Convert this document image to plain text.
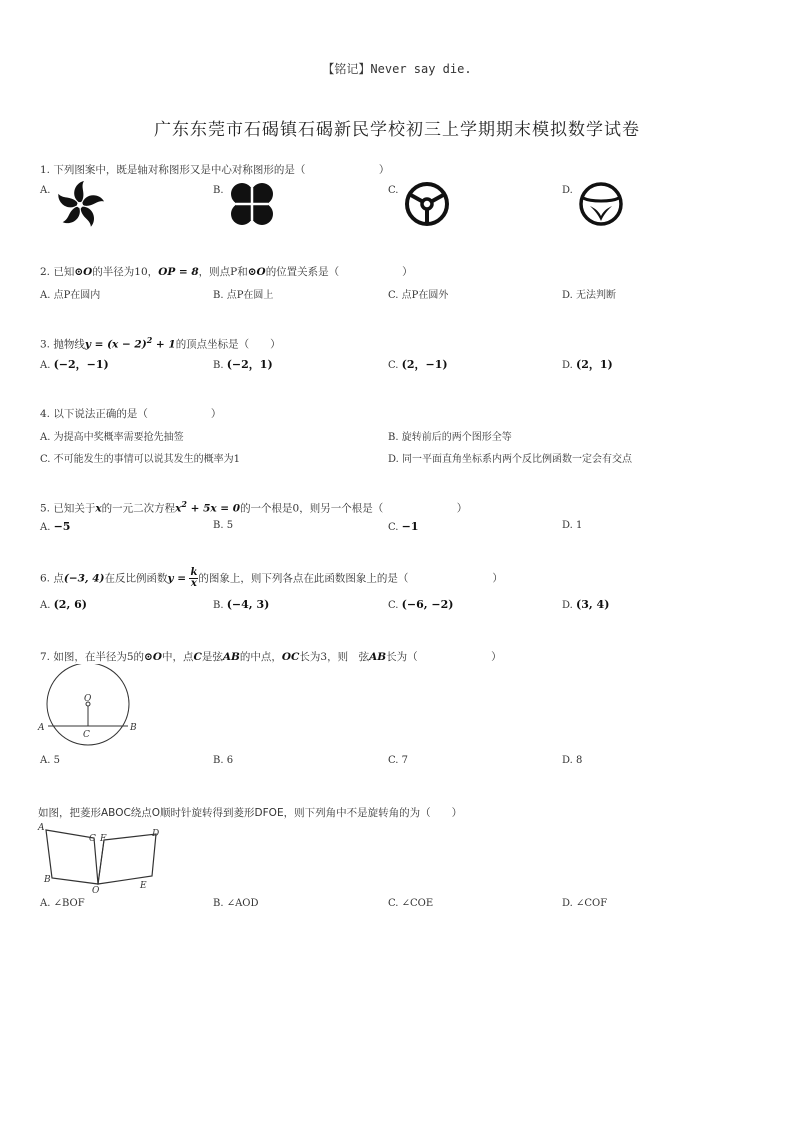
【铭记】Never say die.
广东东莞市石碣镇石碣新民学校初三上学期期末模拟数学试卷
1. 下列图案中，既是轴对称图形又是中心对称图形的是（　　　　　　　）
A.	B.	C.	D.
2. 已知⊙O的半径为10，OP = 8，则点P和⊙O的位置关系是（　　　　　　）
A. 点P在圆内	B. 点P在圆上	C. 点P在圆外	D. 无法判断
3. 抛物线$y = (x - 2)^2 + 1$的顶点坐标是（　　）
A. (−2，−1)	B. (−2，1)	C. (2，−1)	D. (2，1)
4. 以下说法正确的是（　　　　　　）
A. 为提高中奖概率需要抢先抽签	B. 旋转前后的两个图形全等
C. 不可能发生的事情可以说其发生的概率为1	D. 同一平面直角坐标系内两个反比例函数一定会有交点
5. 已知关于x的一元二次方程$x^2 + 5x = 0$的一个根是0，则另一个根是（　　　　　　　）
A. −5	B. 5	C. −1	D. 1
6. 点(−3, 4)在反比例函数$y = \frac{k}{x}$ 的图象上，则下列各点在此函数图象上的是（　　　　　　　　）
A. (2, 6)	B. (−4, 3)	C. (−6, −2)	D. (3, 4)
7. 如图，在半径为5的⊙O中，点C是弦AB的中点，OC长为3，则　弦AB长为（　　　　　　　）
O
A	B
C
A. 5	B. 6	C. 7	D. 8
如图，把菱形ABOC绕点O顺时针旋转得到菱形DFOE，则下列角中不是旋转角的为（　　）
A
C F	D
B
O	E
A. ∠BOF	B. ∠AOD	C. ∠COE	D. ∠COF
